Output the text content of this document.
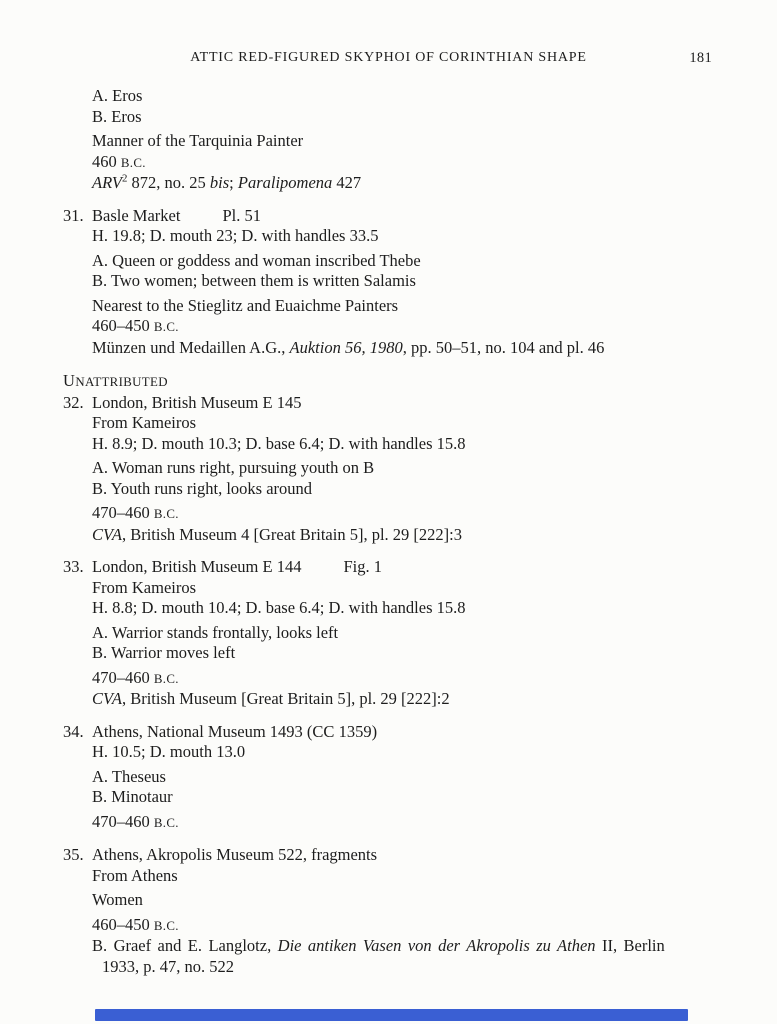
ATTIC RED-FIGURED SKYPHOI OF CORINTHIAN SHAPE	181
A. Eros
B. Eros
Manner of the Tarquinia Painter
460 B.C.
ARV$^2$ 872, no. 25 bis; Paralipomena 427
31. Basle Market	Pl. 51
H. 19.8; D. mouth 23; D. with handles 33.5
A. Queen or goddess and woman inscribed Thebe
B. Two women; between them is written Salamis
Nearest to the Stieglitz and Euaichme Painters
460–450 B.C.
Münzen und Medaillen A.G., Auktion 56, 1980, pp. 50–51, no. 104 and pl. 46
UNATTRIBUTED
32. London, British Museum E 145
From Kameiros
H. 8.9; D. mouth 10.3; D. base 6.4; D. with handles 15.8
A. Woman runs right, pursuing youth on B
B. Youth runs right, looks around
470–460 B.C.
CVA, British Museum 4 [Great Britain 5], pl. 29 [222]:3
33. London, British Museum E 144	Fig. 1
From Kameiros
H. 8.8; D. mouth 10.4; D. base 6.4; D. with handles 15.8
A. Warrior stands frontally, looks left
B. Warrior moves left
470–460 B.C.
CVA, British Museum [Great Britain 5], pl. 29 [222]:2
34. Athens, National Museum 1493 (CC 1359)
H. 10.5; D. mouth 13.0
A. Theseus
B. Minotaur
470–460 B.C.
35. Athens, Akropolis Museum 522, fragments
From Athens
Women
460–450 B.C.
B. Graef and E. Langlotz, Die antiken Vasen von der Akropolis zu Athen II, Berlin
1933, p. 47, no. 522
